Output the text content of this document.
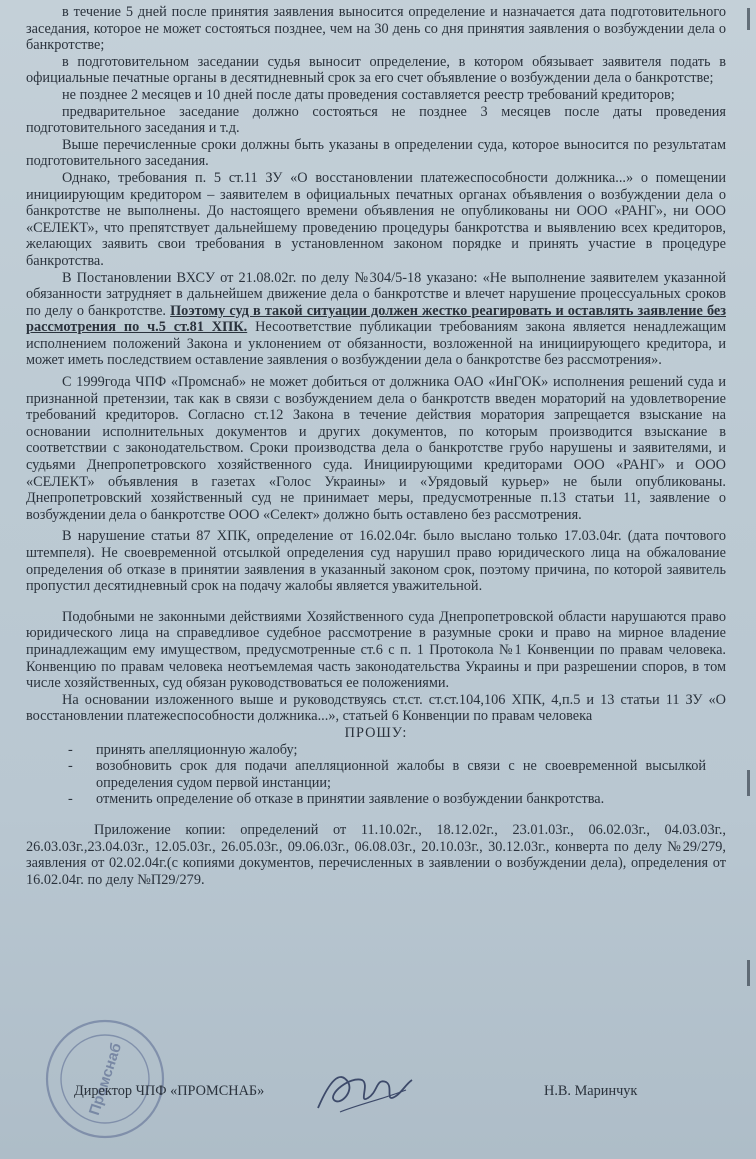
в течение 5 дней после принятия заявления выносится определение и назначается дата подготовительного заседания, которое не может состояться позднее, чем на 30 день со дня принятия заявления о возбуждении дела о банкротстве;

в подготовительном заседании судья выносит определение, в котором обязывает заявителя подать в официальные печатные органы в десятидневный срок за его счет объявление о возбуждении дела о банкротстве;

не позднее 2 месяцев и 10 дней после даты проведения составляется реестр требований кредиторов;

предварительное заседание должно состояться не позднее 3 месяцев после даты проведения подготовительного заседания и т.д.

Выше перечисленные сроки должны быть указаны в определении суда, которое выносится по результатам подготовительного заседания.

Однако, требования п. 5 ст.11 ЗУ «О восстановлении платежеспособности должника...» о помещении инициирующим кредитором – заявителем в официальных печатных органах объявления о возбуждении дела о банкротстве не выполнены. До настоящего времени объявления не опубликованы ни ООО «РАНГ», ни ООО «СЕЛЕКТ», что препятствует дальнейшему проведению процедуры банкротства и выявлению всех кредиторов, желающих заявить свои требования в установленном законом порядке и принять участие в процедуре банкротства.

В Постановлении ВХСУ от 21.08.02г. по делу №304/5-18 указано: «Не выполнение заявителем указанной обязанности затрудняет в дальнейшем движение дела о банкротстве и влечет нарушение процессуальных сроков по делу о банкротстве. Поэтому суд в такой ситуации должен жестко реагировать и оставлять заявление без рассмотрения по ч.5 ст.81 ХПК. Несоответствие публикации требованиям закона является ненадлежащим исполнением положений Закона и уклонением от обязанности, возложенной на инициирующего кредитора, и может иметь последствием оставление заявления о возбуждении дела о банкротстве без рассмотрения».

С 1999года ЧПФ «Промснаб» не может добиться от должника ОАО «ИнГОК» исполнения решений суда и признанной претензии, так как в связи с возбуждением дела о банкротств введен мораторий на удовлетворение требований кредиторов. Согласно ст.12 Закона в течение действия моратория запрещается взыскание на основании исполнительных документов и других документов, по которым производится взыскание в соответствии с законодательством. Сроки производства дела о банкротстве грубо нарушены и заявителями, и судьями Днепропетровского хозяйственного суда. Инициирующими кредиторами ООО «РАНГ» и ООО «СЕЛЕКТ» объявления в газетах «Голос Украины» и «Урядовый курьер» не были опубликованы. Днепропетровский хозяйственный суд не принимает меры, предусмотренные п.13 статьи 11, заявление о возбуждении дела о банкротстве ООО «Селект» должно быть оставлено без рассмотрения.

В нарушение статьи 87 ХПК, определение от 16.02.04г. было выслано только 17.03.04г. (дата почтового штемпеля). Не своевременной отсылкой определения суд нарушил право юридического лица на обжалование определения об отказе в принятии заявления в указанный законом срок, поэтому причина, по которой заявитель пропустил десятидневный срок на подачу жалобы является уважительной.

Подобными не законными действиями Хозяйственного суда Днепропетровской области нарушаются право юридического лица на справедливое судебное рассмотрение в разумные сроки и право на мирное владение принадлежащим ему имуществом, предусмотренные ст.6 с п. 1 Протокола №1 Конвенции по правам человека. Конвенцию по правам человека неотъемлемая часть законодательства Украины и при разрешении споров, в том числе хозяйственных, суд обязан руководствоваться ее положениями.

На основании изложенного выше и руководствуясь ст.ст. ст.ст.104,106 ХПК, 4,п.5 и 13 статьи 11 ЗУ «О восстановлении платежеспособности должника...», статьей 6 Конвенции по правам человека

ПРОШУ:

- принять апелляционную жалобу;
- возобновить срок для подачи апелляционной жалобы в связи с не своевременной высылкой определения судом первой инстанции;
- отменить определение об отказе в принятии заявление о возбуждении банкротства.

Приложение копии: определений от 11.10.02г., 18.12.02г., 23.01.03г., 06.02.03г., 04.03.03г., 26.03.03г.,23.04.03г., 12.05.03г., 26.05.03г., 09.06.03г., 06.08.03г., 20.10.03г., 30.12.03г., конверта по делу №29/279, заявления от 02.02.04г.(с копиями документов, перечисленных в заявлении о возбуждении дела), определения от 16.02.04г. по делу №П29/279.

Промснаб
Директор ЧПФ «ПРОМСНАБ»	Н.В. Маринчук
